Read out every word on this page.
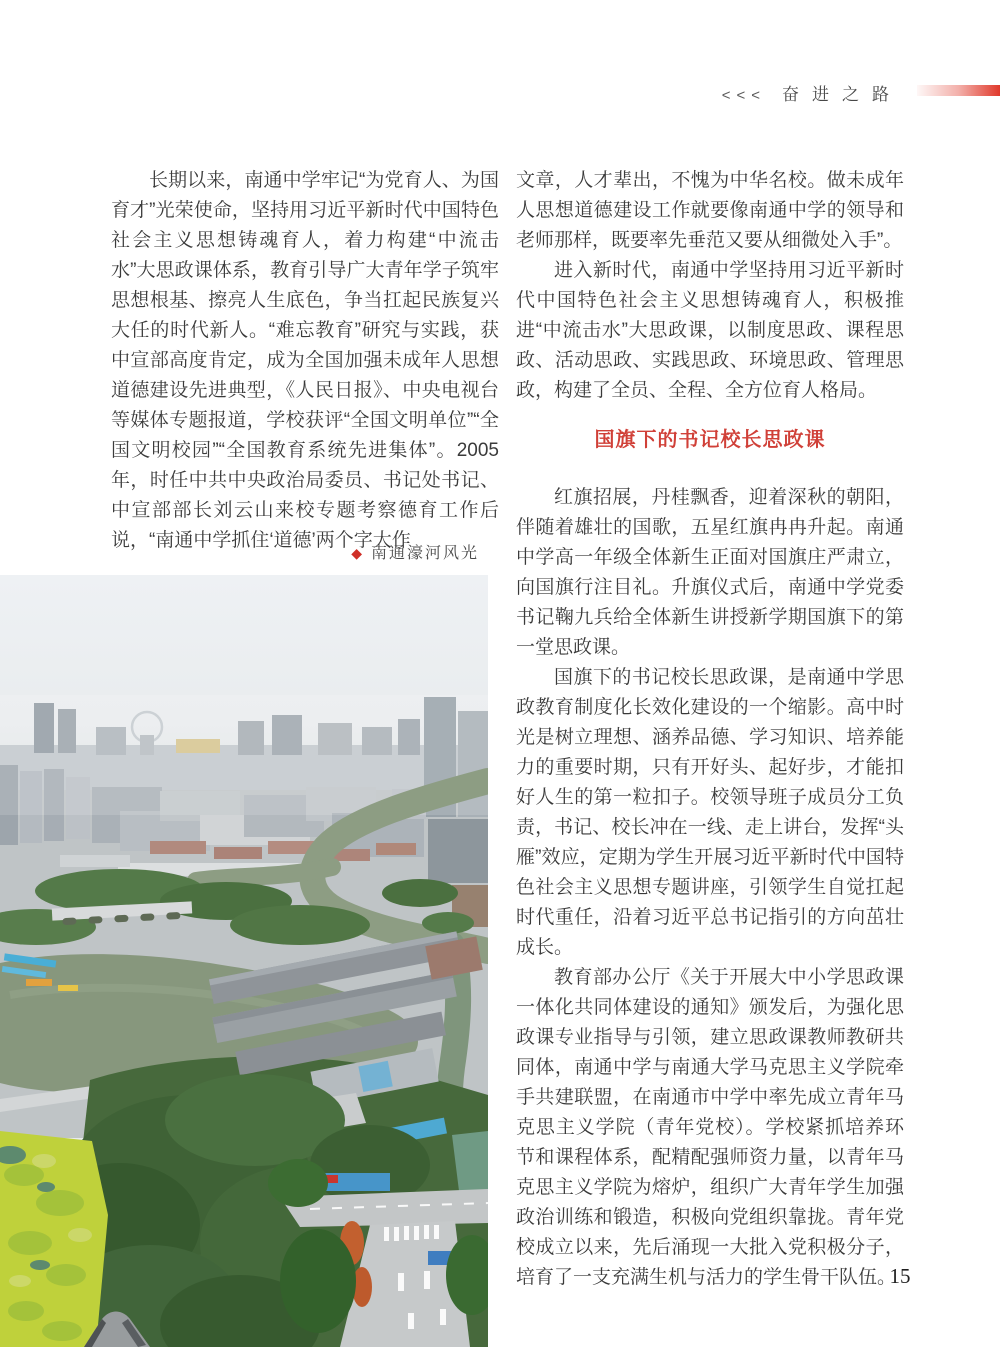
<<< 奋进之路

长期以来，南通中学牢记“为党育人、为国育才”光荣使命，坚持用习近平新时代中国特色社会主义思想铸魂育人，着力构建“中流击水”大思政课体系，教育引导广大青年学子筑牢思想根基、擦亮人生底色，争当扛起民族复兴大任的时代新人。“难忘教育”研究与实践，获中宣部高度肯定，成为全国加强未成年人思想道德建设先进典型，《人民日报》、中央电视台等媒体专题报道，学校获评“全国文明单位”“全国文明校园”“全国教育系统先进集体”。2005年，时任中共中央政治局委员、书记处书记、中宣部部长刘云山来校专题考察德育工作后说，“南通中学抓住‘道德’两个字大作

◆ 南通濠河风光

文章，人才辈出，不愧为中华名校。做未成年人思想道德建设工作就要像南通中学的领导和老师那样，既要率先垂范又要从细微处入手”。

进入新时代，南通中学坚持用习近平新时代中国特色社会主义思想铸魂育人，积极推进“中流击水”大思政课，以制度思政、课程思政、活动思政、实践思政、环境思政、管理思政，构建了全员、全程、全方位育人格局。

国旗下的书记校长思政课

红旗招展，丹桂飘香，迎着深秋的朝阳，伴随着雄壮的国歌，五星红旗冉冉升起。南通中学高一年级全体新生正面对国旗庄严肃立，向国旗行注目礼。升旗仪式后，南通中学党委书记鞠九兵给全体新生讲授新学期国旗下的第一堂思政课。

国旗下的书记校长思政课，是南通中学思政教育制度化长效化建设的一个缩影。高中时光是树立理想、涵养品德、学习知识、培养能力的重要时期，只有开好头、起好步，才能扣好人生的第一粒扣子。校领导班子成员分工负责，书记、校长冲在一线、走上讲台，发挥“头雁”效应，定期为学生开展习近平新时代中国特色社会主义思想专题讲座，引领学生自觉扛起时代重任，沿着习近平总书记指引的方向茁壮成长。

教育部办公厅《关于开展大中小学思政课一体化共同体建设的通知》颁发后，为强化思政课专业指导与引领，建立思政课教师教研共同体，南通中学与南通大学马克思主义学院牵手共建联盟，在南通市中学中率先成立青年马克思主义学院（青年党校）。学校紧抓培养环节和课程体系，配精配强师资力量，以青年马克思主义学院为熔炉，组织广大青年学生加强政治训练和锻造，积极向党组织靠拢。青年党校成立以来，先后涌现一大批入党积极分子，培育了一支充满生机与活力的学生骨干队伍。

15
